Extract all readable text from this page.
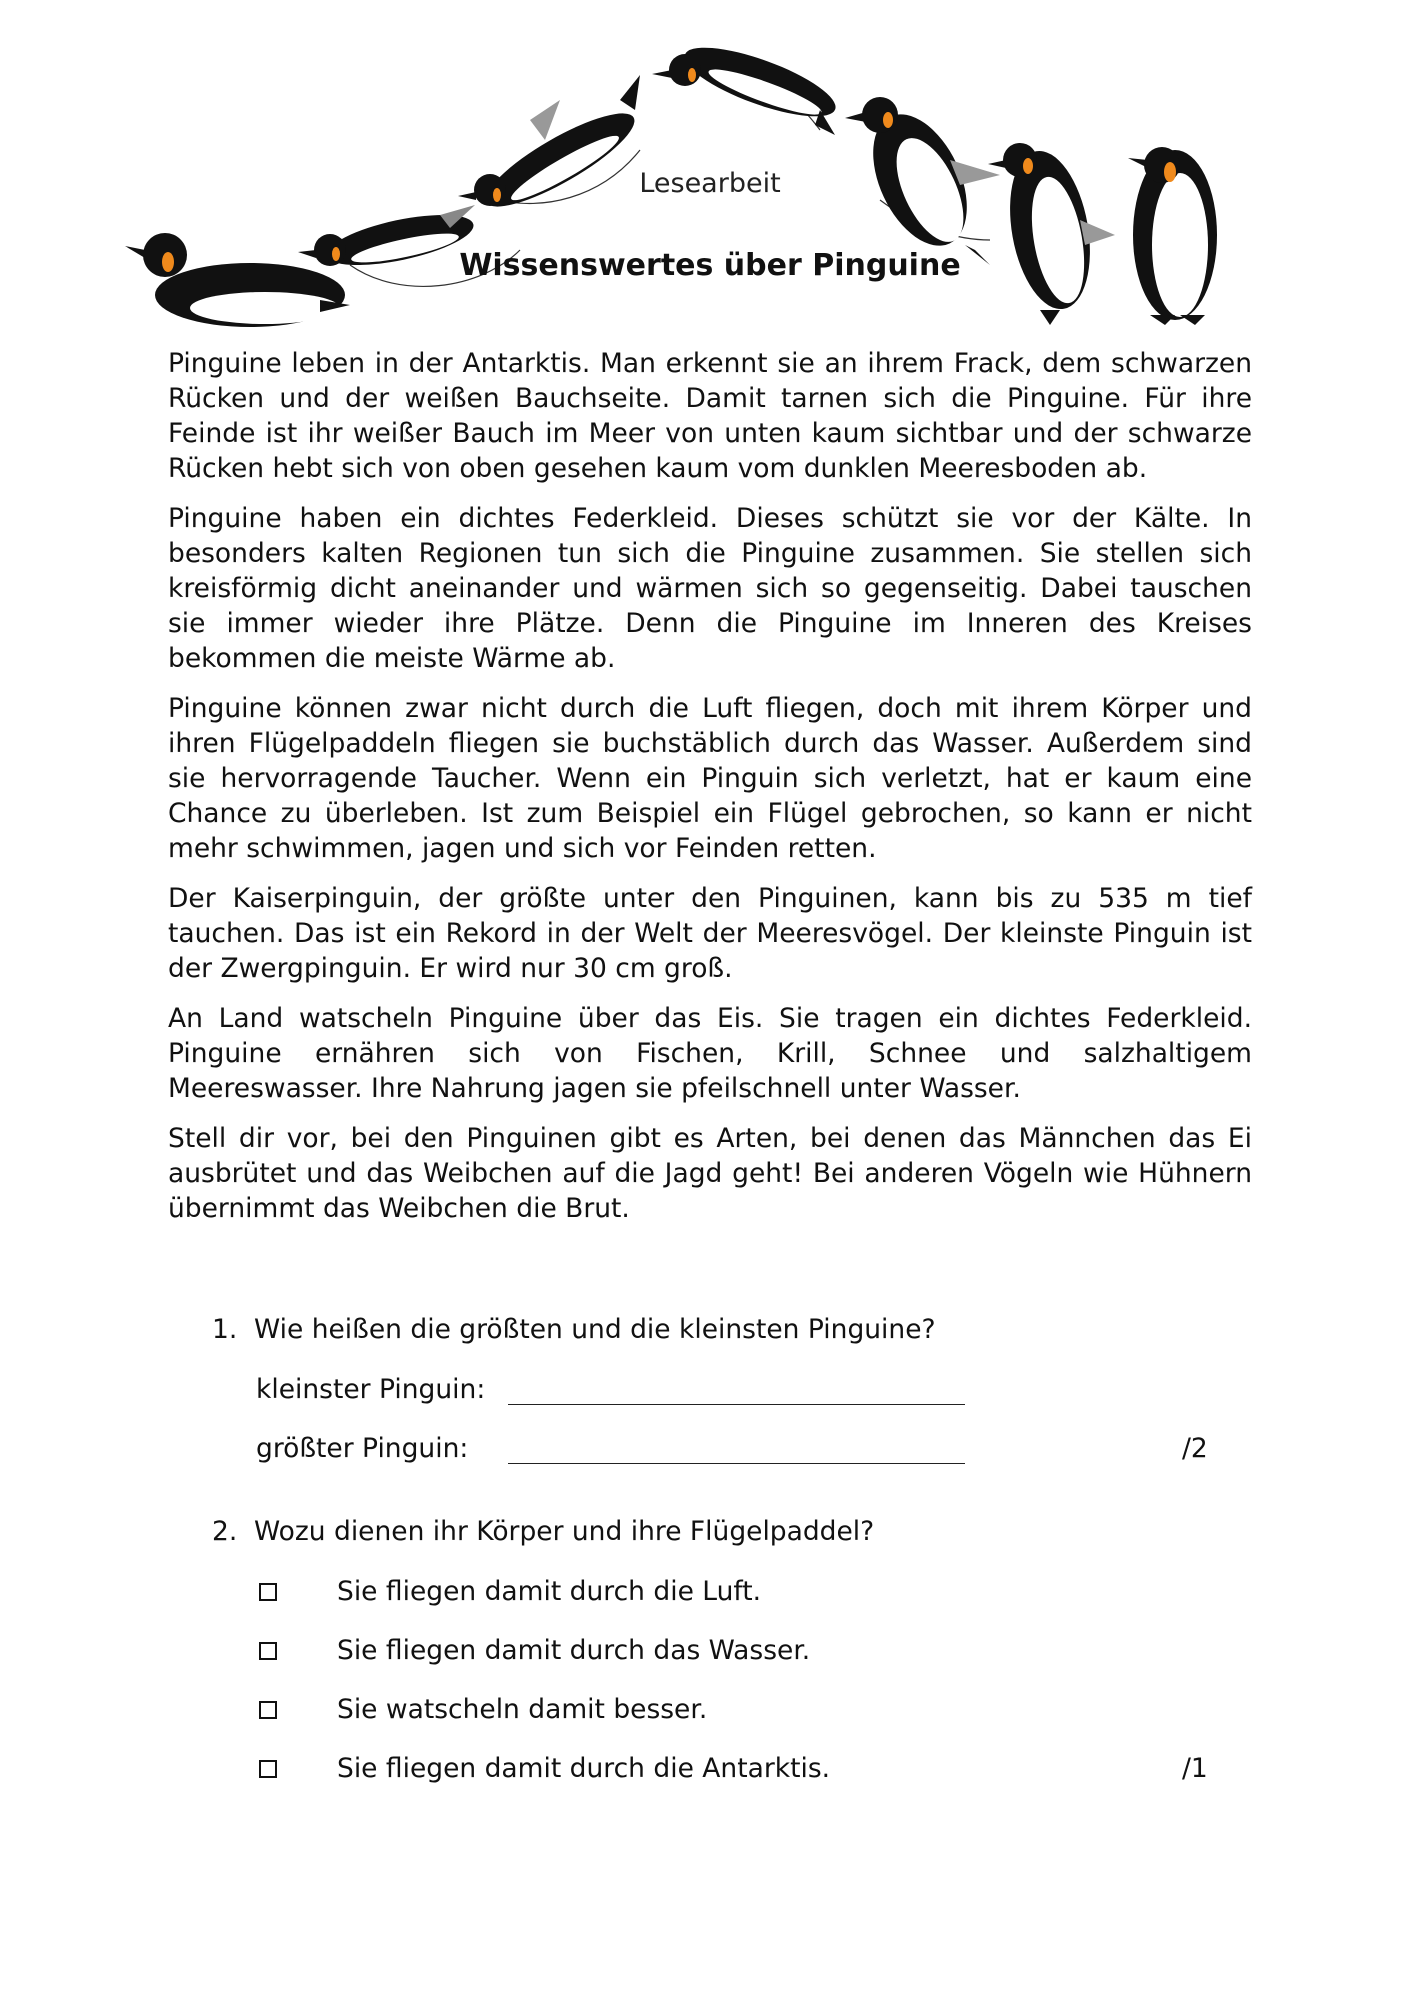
Lesearbeit
Wissenswertes über Pinguine

Pinguine leben in der Antarktis. Man erkennt sie an ihrem Frack, dem schwarzen Rücken und der weißen Bauchseite. Damit tarnen sich die Pinguine. Für ihre Feinde ist ihr weißer Bauch im Meer von unten kaum sichtbar und der schwarze Rücken hebt sich von oben gesehen kaum vom dunklen Meeresboden ab.

Pinguine haben ein dichtes Federkleid. Dieses schützt sie vor der Kälte. In besonders kalten Regionen tun sich die Pinguine zusammen. Sie stellen sich kreisförmig dicht aneinander und wärmen sich so gegenseitig. Dabei tauschen sie immer wieder ihre Plätze. Denn die Pinguine im Inneren des Kreises bekommen die meiste Wärme ab.

Pinguine können zwar nicht durch die Luft fliegen, doch mit ihrem Körper und ihren Flügelpaddeln fliegen sie buchstäblich durch das Wasser. Außerdem sind sie hervorragende Taucher. Wenn ein Pinguin sich verletzt, hat er kaum eine Chance zu überleben. Ist zum Beispiel ein Flügel gebrochen, so kann er nicht mehr schwimmen, jagen und sich vor Feinden retten.

Der Kaiserpinguin, der größte unter den Pinguinen, kann bis zu 535 m tief tauchen. Das ist ein Rekord in der Welt der Meeresvögel. Der kleinste Pinguin ist der Zwergpinguin. Er wird nur 30 cm groß.

An Land watscheln Pinguine über das Eis. Sie tragen ein dichtes Federkleid. Pinguine ernähren sich von Fischen, Krill, Schnee und salzhaltigem Meereswasser. Ihre Nahrung jagen sie pfeilschnell unter Wasser.

Stell dir vor, bei den Pinguinen gibt es Arten, bei denen das Männchen das Ei ausbrütet und das Weibchen auf die Jagd geht! Bei anderen Vögeln wie Hühnern übernimmt das Weibchen die Brut.

1. Wie heißen die größten und die kleinsten Pinguine?
kleinster Pinguin:
größter Pinguin:	/2
2. Wozu dienen ihr Körper und ihre Flügelpaddel?
Sie fliegen damit durch die Luft.
Sie fliegen damit durch das Wasser.
Sie watscheln damit besser.
Sie fliegen damit durch die Antarktis.	/1
